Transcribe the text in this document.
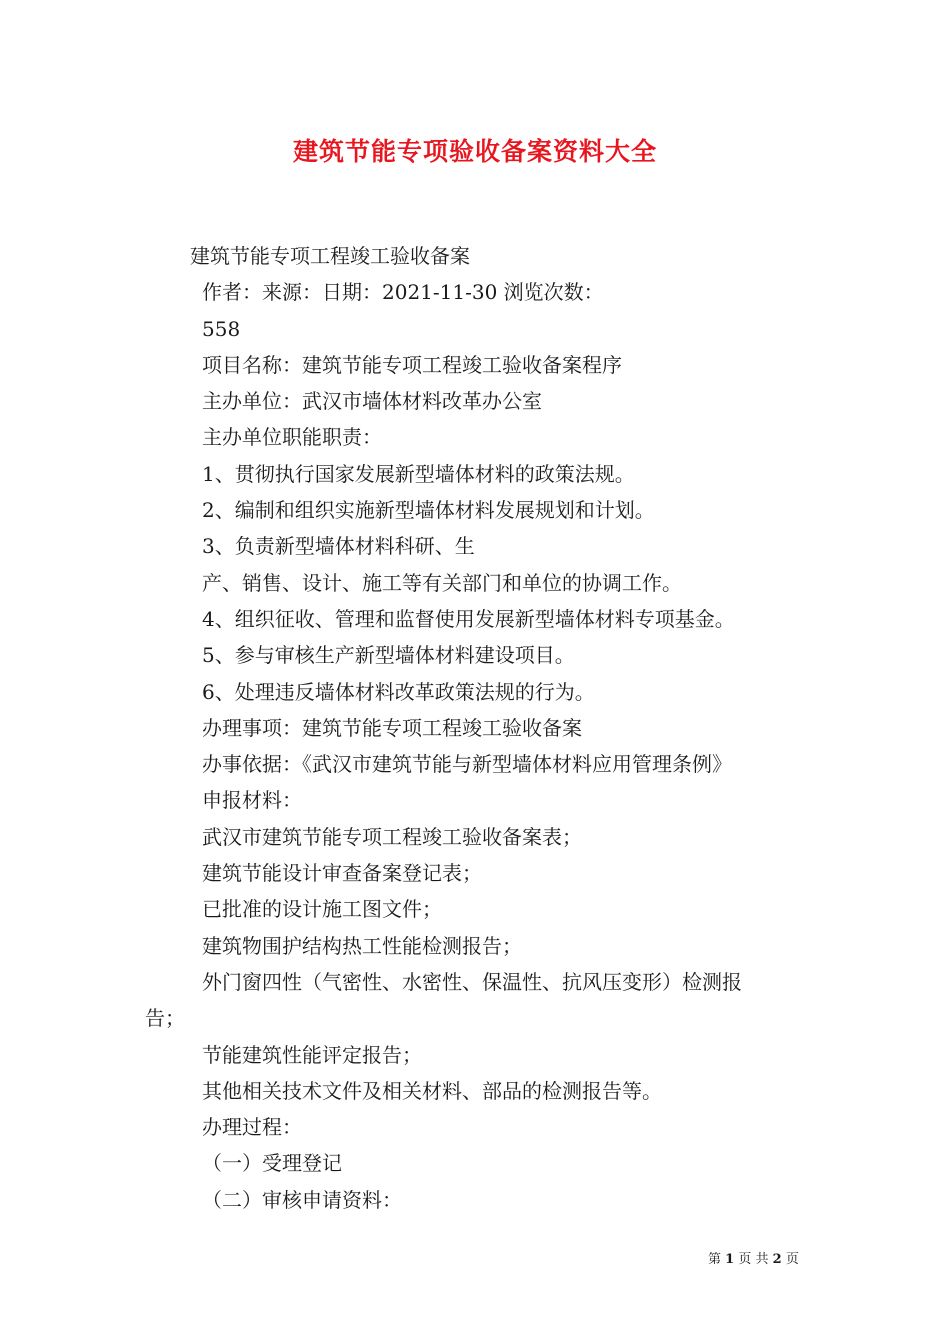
建筑节能专项验收备案资料大全
建筑节能专项工程竣工验收备案
作者：来源：日期：2021-11-30 浏览次数：
558
项目名称：建筑节能专项工程竣工验收备案程序
主办单位：武汉市墙体材料改革办公室
主办单位职能职责：
1、贯彻执行国家发展新型墙体材料的政策法规。
2、编制和组织实施新型墙体材料发展规划和计划。
3、负责新型墙体材料科研、生
产、销售、设计、施工等有关部门和单位的协调工作。
4、组织征收、管理和监督使用发展新型墙体材料专项基金。
5、参与审核生产新型墙体材料建设项目。
6、处理违反墙体材料改革政策法规的行为。
办理事项：建筑节能专项工程竣工验收备案
办事依据：《武汉市建筑节能与新型墙体材料应用管理条例》
申报材料：
武汉市建筑节能专项工程竣工验收备案表；
建筑节能设计审查备案登记表；
已批准的设计施工图文件；
建筑物围护结构热工性能检测报告；
外门窗四性（气密性、水密性、保温性、抗风压变形）检测报
告；
节能建筑性能评定报告；
其他相关技术文件及相关材料、部品的检测报告等。
办理过程：
（一）受理登记
（二）审核申请资料：
第 1 页 共 2 页
